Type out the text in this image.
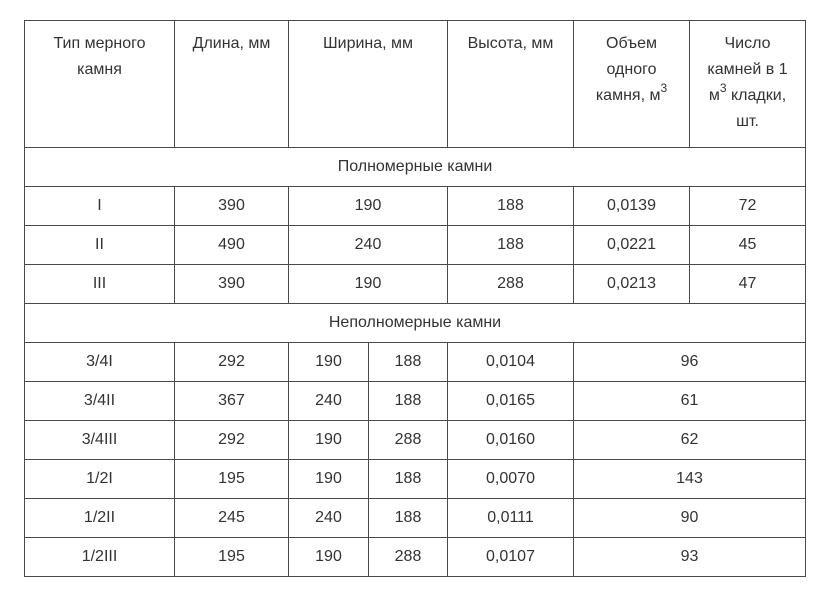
Тип мерного камня	Длина, мм	Ширина, мм		Высота, мм	Объем одного камня, $м^3$	Число камней в 1 $м^3$ кладки, шт.

Полномерные камни						
I	390	190		188	0,0139	72
II	490	240		188	0,0221	45
III	390	190		288	0,0213	47
Неполномерные камни						
3/4I	292	190	188	0,0104	96	
3/4II	367	240	188	0,0165	61	
3/4III	292	190	288	0,0160	62	
1/2I	195	190	188	0,0070	143	
1/2II	245	240	188	0,0111	90	
1/2III	195	190	288	0,0107	93	
